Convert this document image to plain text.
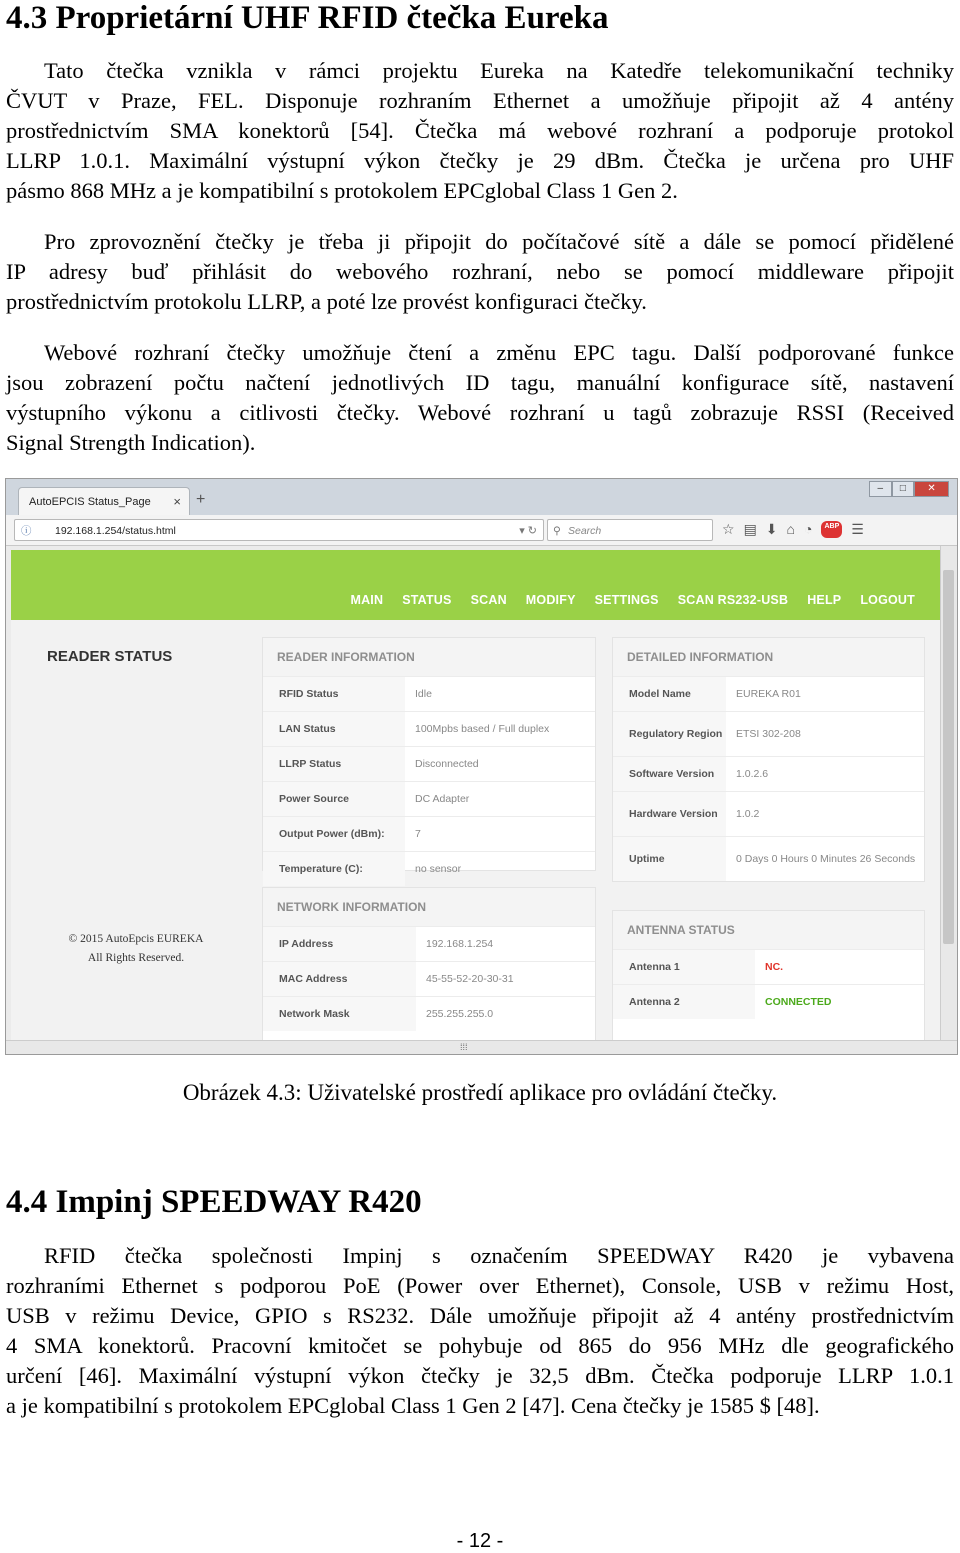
4.3 Proprietární UHF RFID čtečka Eureka
Tato čtečka vznikla v rámci projektu Eureka na Katedře telekomunikační techniky
ČVUT v Praze, FEL. Disponuje rozhraním Ethernet a umožňuje připojit až 4 antény
prostřednictvím SMA konektorů [54]. Čtečka má webové rozhraní a podporuje protokol
LLRP 1.0.1. Maximální výstupní výkon čtečky je 29 dBm. Čtečka je určena pro UHF
pásmo 868 MHz a je kompatibilní s protokolem EPCglobal Class 1 Gen 2.
Pro zprovoznění čtečky je třeba ji připojit do počítačové sítě a dále se pomocí přidělené
IP adresy buď přihlásit do webového rozhraní, nebo se pomocí middleware připojit
prostřednictvím protokolu LLRP, a poté lze provést konfiguraci čtečky.
Webové rozhraní čtečky umožňuje čtení a změnu EPC tagu. Další podporované funkce
jsou zobrazení počtu načtení jednotlivých ID tagu, manuální konfigurace sítě, nastavení
výstupního výkonu a citlivosti čtečky. Webové rozhraní u tagů zobrazuje RSSI (Received
Signal Strength Indication).
AutoEPCIS Status_Page × +
–	□	✕
ⓘ 192.168.1.254/status.html	▾ ↻ ⚲ Search	☆ ▤ ⬇ ⌂ ◔	ABP ☰
MAIN STATUS SCAN MODIFY SETTINGS SCAN RS232-USB HELP LOGOUT
READER STATUS
© 2015 AutoEpcis EUREKA
All Rights Reserved.
READER INFORMATION
RFID Status	Idle
LAN Status	100Mpbs based / Full duplex
LLRP Status	Disconnected
Power Source	DC Adapter
Output Power (dBm):	7
Temperature (C):	no sensor
DETAILED INFORMATION
Model Name	EUREKA R01
Regulatory Region	ETSI 302-208
Software Version	1.0.2.6
Hardware Version	1.0.2
Uptime	0 Days 0 Hours 0 Minutes 26 Seconds
NETWORK INFORMATION
IP Address	192.168.1.254
MAC Address	45-55-52-20-30-31
Network Mask	255.255.255.0
ANTENNA STATUS
Antenna 1	NC.
Antenna 2	CONNECTED
⁞⁞⁞
Obrázek 4.3: Uživatelské prostředí aplikace pro ovládání čtečky.
4.4 Impinj SPEEDWAY R420
RFID čtečka společnosti Impinj s označením SPEEDWAY R420 je vybavena
rozhraními Ethernet s podporou PoE (Power over Ethernet), Console, USB v režimu Host,
USB v režimu Device, GPIO s RS232. Dále umožňuje připojit až 4 antény prostřednictvím
4 SMA konektorů. Pracovní kmitočet se pohybuje od 865 do 956 MHz dle geografického
určení [46]. Maximální výstupní výkon čtečky je 32,5 dBm. Čtečka podporuje LLRP 1.0.1
a je kompatibilní s protokolem EPCglobal Class 1 Gen 2 [47]. Cena čtečky je 1585 $ [48].
- 12 -
